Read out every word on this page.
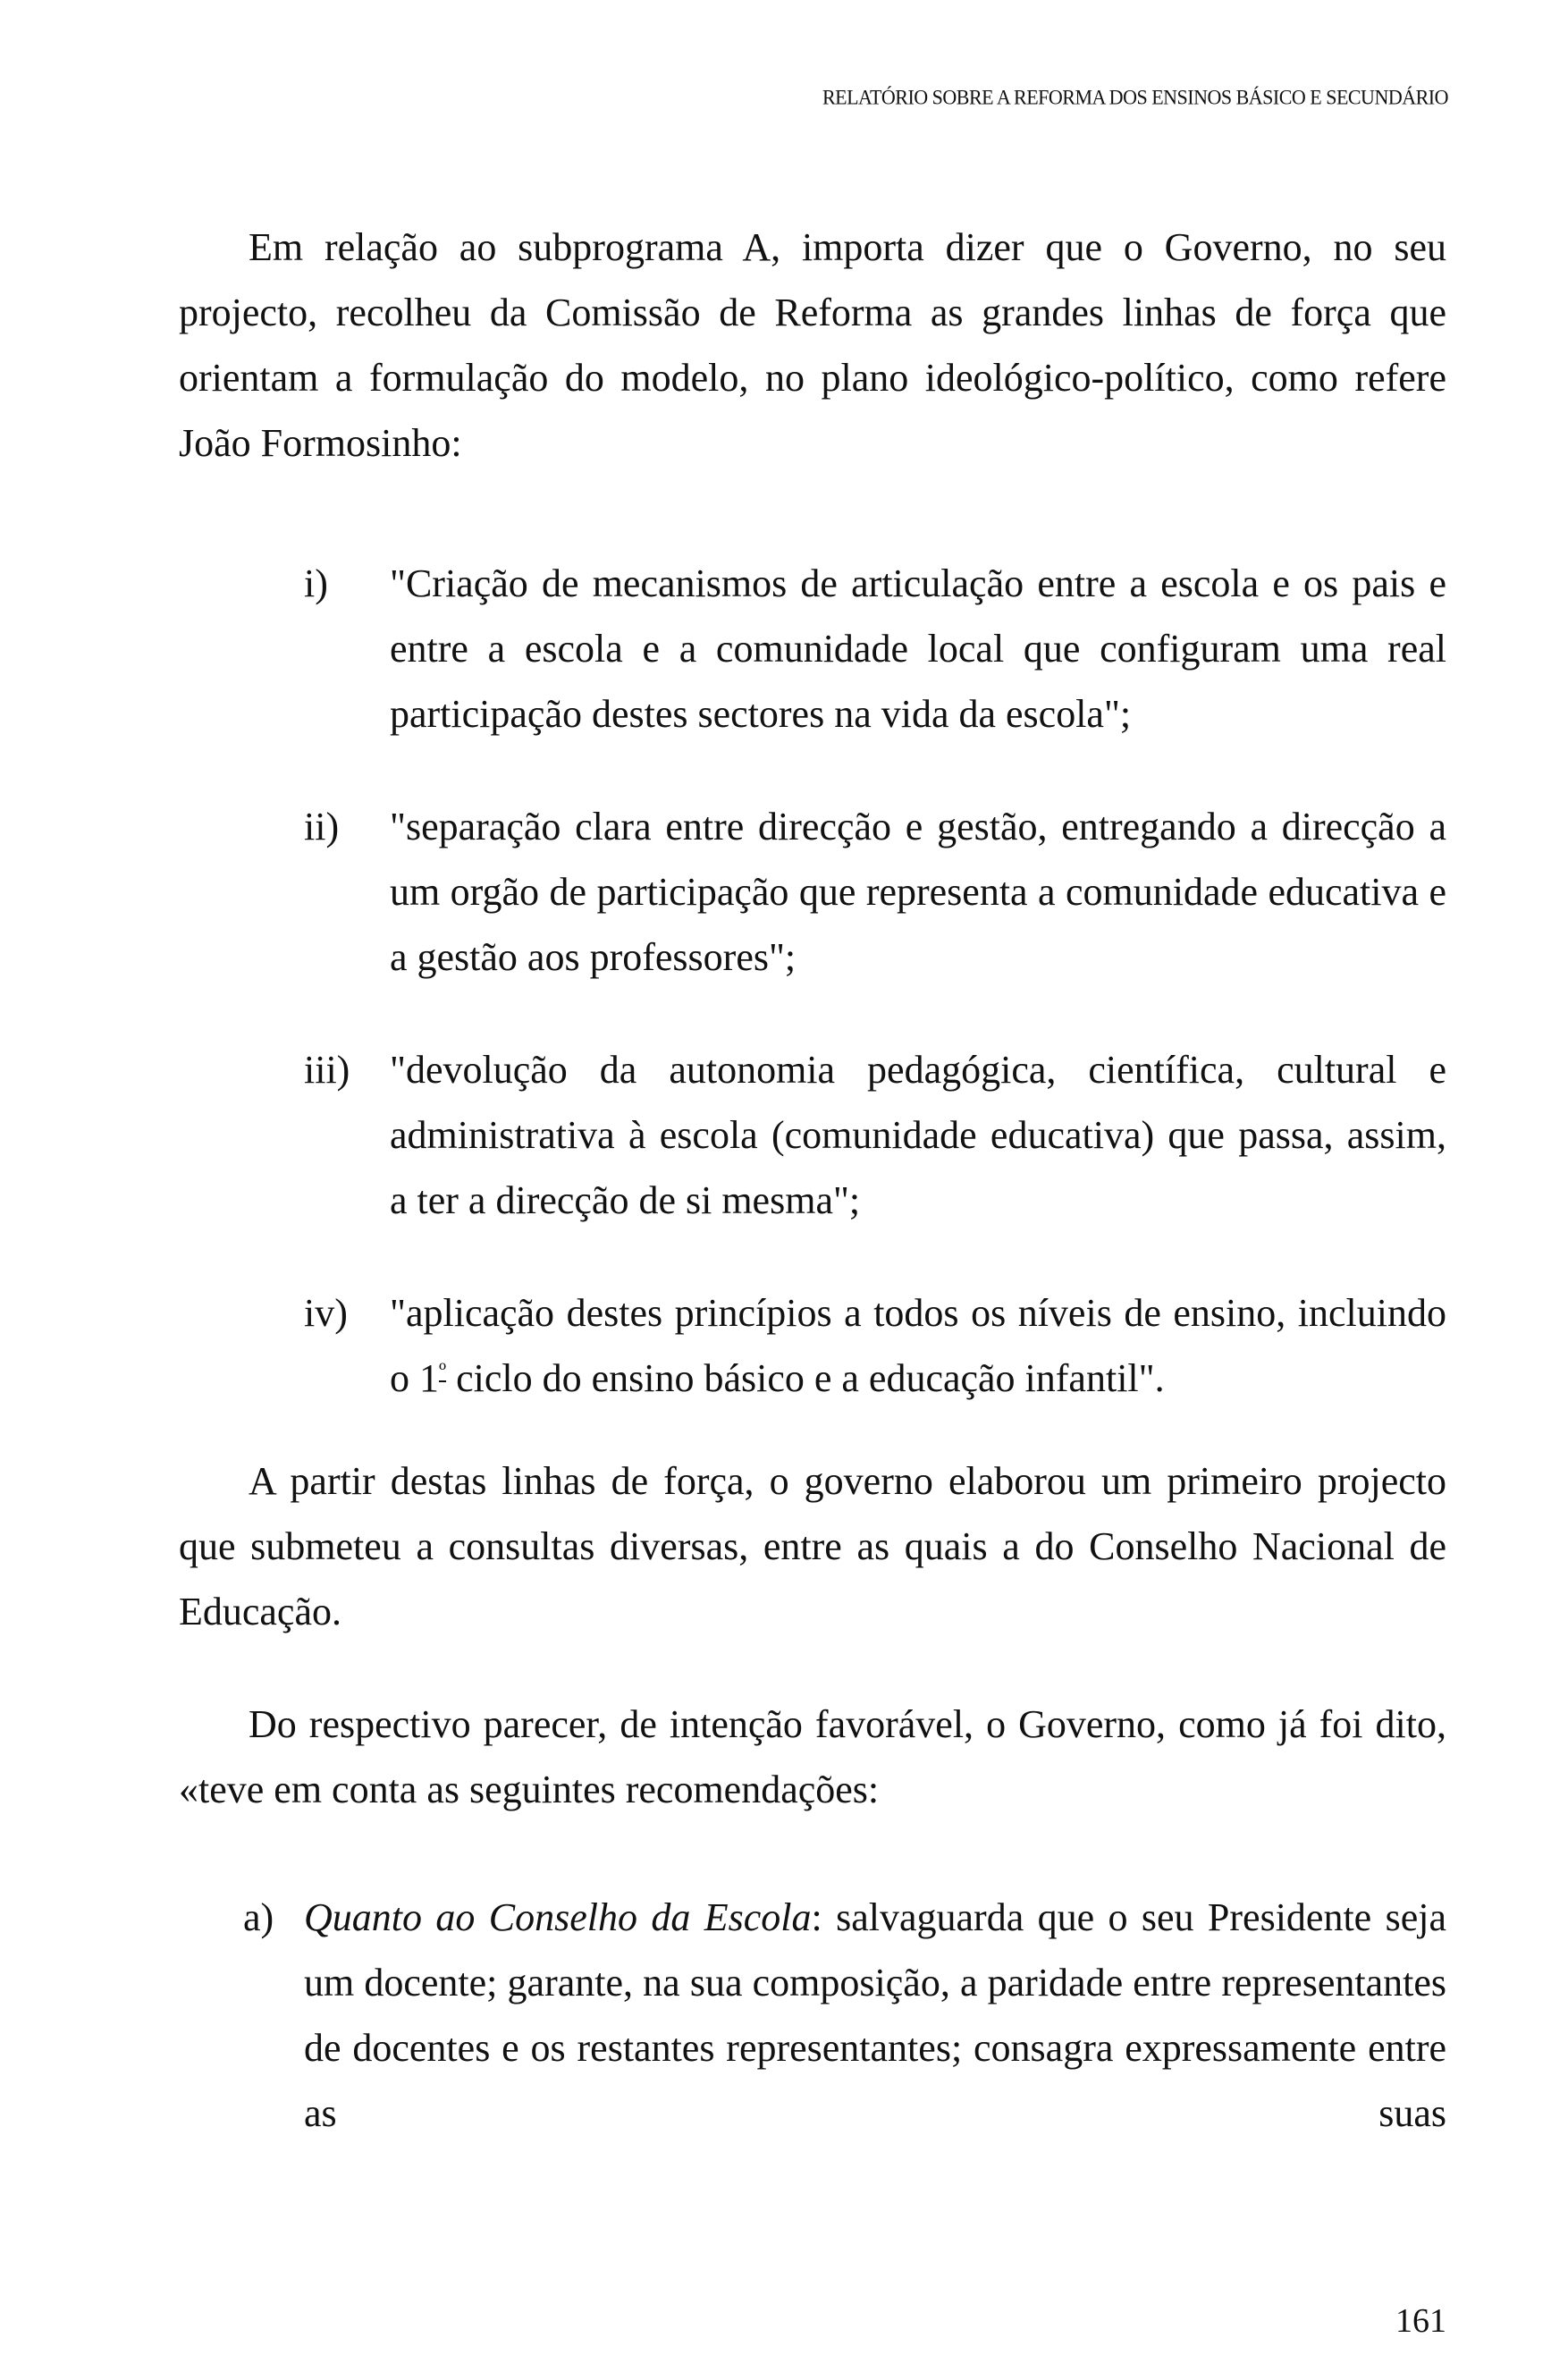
RELATÓRIO SOBRE A REFORMA DOS ENSINOS BÁSICO E SECUNDÁRIO

Em relação ao subprograma A, importa dizer que o Governo, no seu projecto, recolheu da Comissão de Reforma as grandes linhas de força que orientam a formulação do modelo, no plano ideológico-político, como refere João Formosinho:

i) "Criação de mecanismos de articulação entre a escola e os pais e entre a escola e a comunidade local que configuram uma real participação destes sectores na vida da escola";
ii) "separação clara entre direcção e gestão, entregando a direcção a um orgão de participação que representa a comunidade educativa e a gestão aos professores";
iii) "devolução da autonomia pedagógica, científica, cultural e administrativa à escola (comunidade educativa) que passa, assim, a ter a direcção de si mesma";
iv) "aplicação destes princípios a todos os níveis de ensino, incluindo o $1^º$ ciclo do ensino básico e a educação infantil".

A partir destas linhas de força, o governo elaborou um primeiro projecto que submeteu a consultas diversas, entre as quais a do Conselho Nacional de Educação.

Do respectivo parecer, de intenção favorável, o Governo, como já foi dito, «teve em conta as seguintes recomendações:

a) Quanto ao Conselho da Escola: salvaguarda que o seu Presidente seja um docente; garante, na sua composição, a paridade entre representantes de docentes e os restantes representantes; consagra expressamente entre as suas
161
